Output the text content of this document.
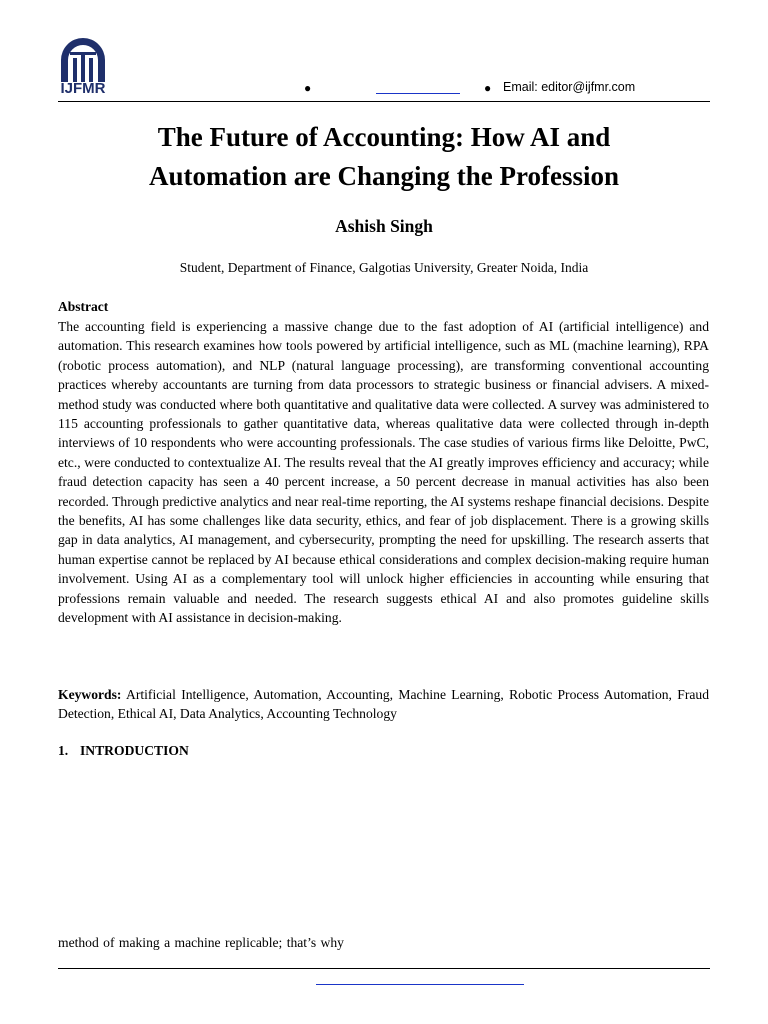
IJFMR	●	● Email: editor@ijfmr.com
The Future of Accounting: How AI and
Automation are Changing the Profession
Ashish Singh
Student, Department of Finance, Galgotias University, Greater Noida, India
Abstract
The accounting field is experiencing a massive change due to the fast adoption of AI (artificial intelligence) and automation. This research examines how tools powered by artificial intelligence, such as ML (machine learning), RPA (robotic process automation), and NLP (natural language processing), are transforming conventional accounting practices whereby accountants are turning from data processors to strategic business or financial advisers. A mixed-method study was conducted where both quantitative and qualitative data were collected. A survey was administered to 115 accounting professionals to gather quantitative data, whereas qualitative data were collected through in-depth interviews of 10 respondents who were accounting professionals. The case studies of various firms like Deloitte, PwC, etc., were conducted to contextualize AI. The results reveal that the AI greatly improves efficiency and accuracy; while fraud detection capacity has seen a 40 percent increase, a 50 percent decrease in manual activities has also been recorded. Through predictive analytics and near real-time reporting, the AI systems reshape financial decisions. Despite the benefits, AI has some challenges like data security, ethics, and fear of job displacement. There is a growing skills gap in data analytics, AI management, and cybersecurity, prompting the need for upskilling. The research asserts that human expertise cannot be replaced by AI because ethical considerations and complex decision-making require human involvement. Using AI as a complementary tool will unlock higher efficiencies in accounting while ensuring that professions remain valuable and needed. The research suggests ethical AI and also promotes guideline skills development with AI assistance in decision-making.
Keywords: Artificial Intelligence, Automation, Accounting, Machine Learning, Robotic Process Automation, Fraud Detection, Ethical AI, Data Analytics, Accounting Technology
1. INTRODUCTION
method of making a machine replicable; that’s why
